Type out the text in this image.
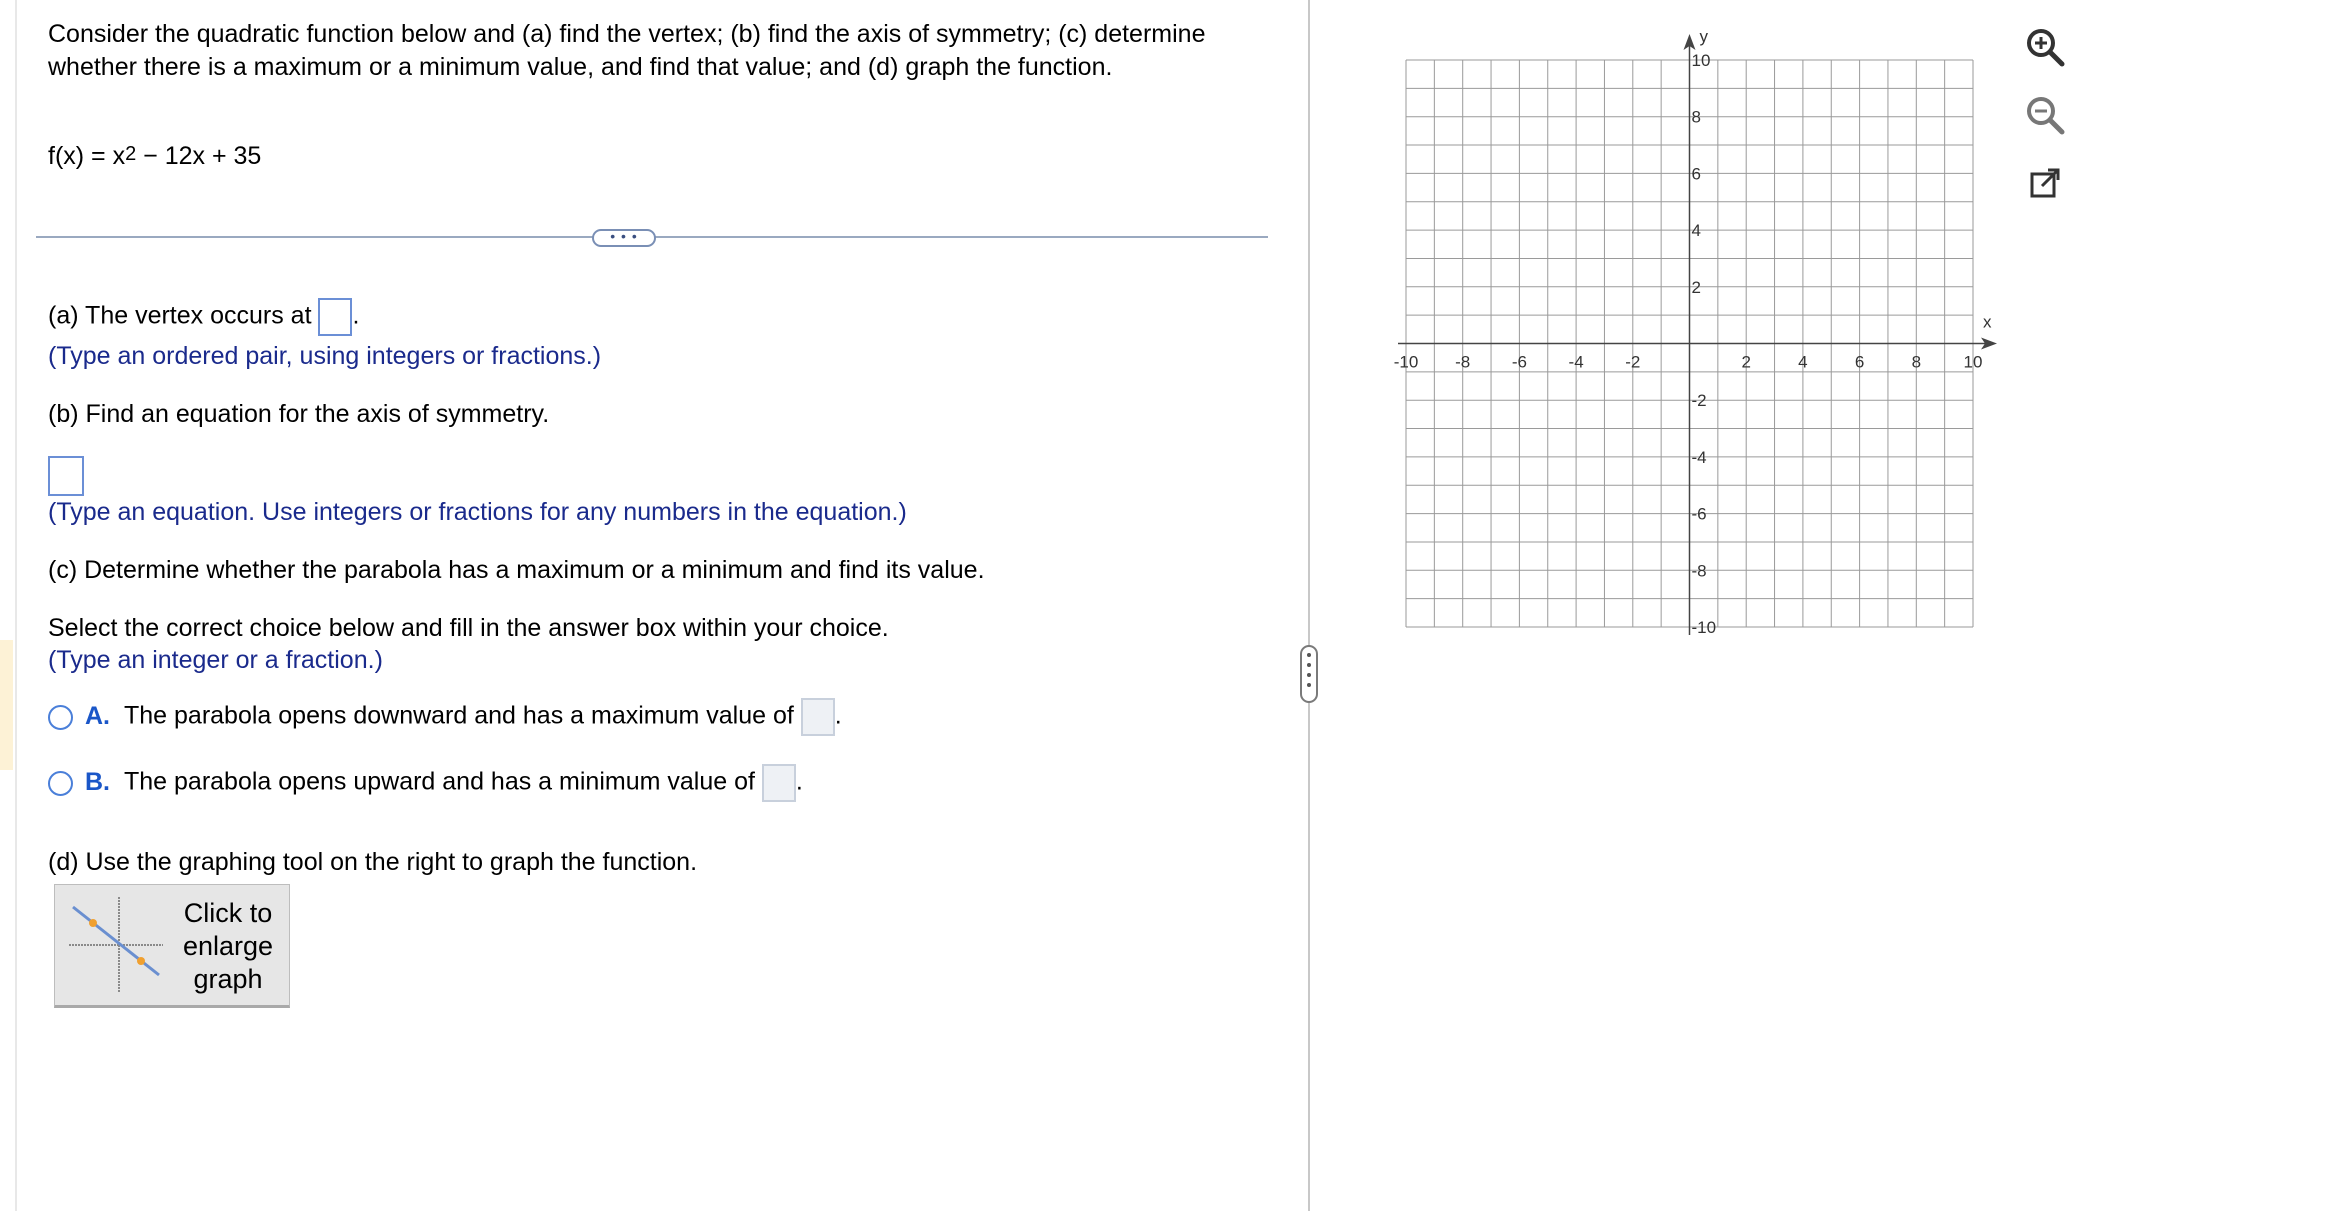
Consider the quadratic function below and (a) find the vertex; (b) find the axis of symmetry; (c) determine whether there is a maximum or a minimum value, and find that value; and (d) graph the function.
$f(x) = x^2 - 12x + 35$
• • •
(a) The vertex occurs at .
(Type an ordered pair, using integers or fractions.)
(b) Find an equation for the axis of symmetry.
(Type an equation. Use integers or fractions for any numbers in the equation.)
(c) Determine whether the parabola has a maximum or a minimum and find its value.
Select the correct choice below and fill in the answer box within your choice.
(Type an integer or a fraction.)
A. The parabola opens downward and has a maximum value of .
B. The parabola opens upward and has a minimum value of .
(d) Use the graphing tool on the right to graph the function.
Click to
enlarge
graph
x
y
-10 -8 -6 -4 -2	2	4	6	8	10
10
8
6
4
2
-2
-4
-6
-8
-10
